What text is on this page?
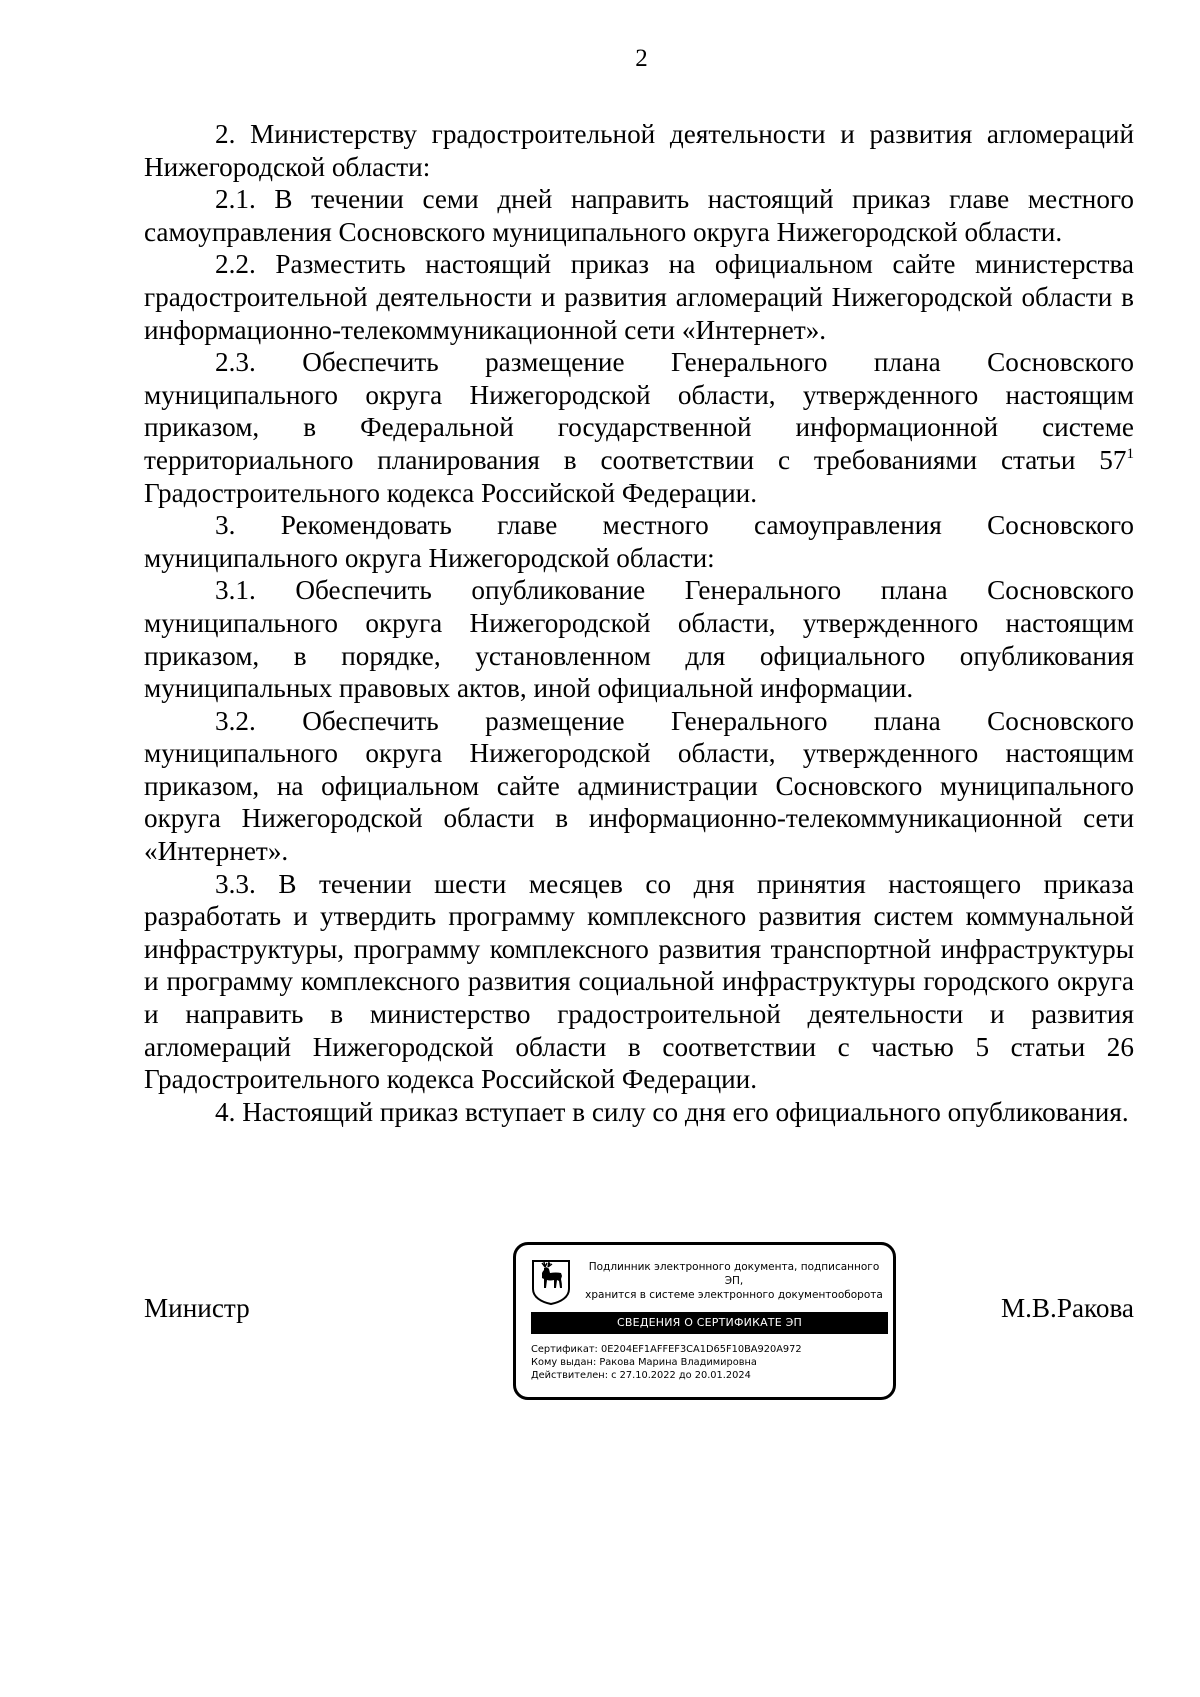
2

2. Министерству градостроительной деятельности и развития агломераций Нижегородской области:

2.1. В течении семи дней направить настоящий приказ главе местного самоуправления Сосновского муниципального округа Нижегородской области.

2.2. Разместить настоящий приказ на официальном сайте министерства градостроительной деятельности и развития агломераций Нижегородской области в информационно-телекоммуникационной сети «Интернет».

2.3. Обеспечить размещение Генерального плана Сосновского муниципального округа Нижегородской области, утвержденного настоящим приказом, в Федеральной государственной информационной системе территориального планирования в соответствии с требованиями статьи $57^1$ Градостроительного кодекса Российской Федерации.

3. Рекомендовать главе местного самоуправления Сосновского муниципального округа Нижегородской области:

3.1. Обеспечить опубликование Генерального плана Сосновского муниципального округа Нижегородской области, утвержденного настоящим приказом, в порядке, установленном для официального опубликования муниципальных правовых актов, иной официальной информации.

3.2. Обеспечить размещение Генерального плана Сосновского муниципального округа Нижегородской области, утвержденного настоящим приказом, на официальном сайте администрации Сосновского муниципального округа Нижегородской области в информационно-телекоммуникационной сети «Интернет».

3.3. В течении шести месяцев со дня принятия настоящего приказа разработать и утвердить программу комплексного развития систем коммунальной инфраструктуры, программу комплексного развития транспортной инфраструктуры и программу комплексного развития социальной инфраструктуры городского округа и направить в министерство градостроительной деятельности и развития агломераций Нижегородской области в соответствии с частью 5 статьи 26 Градостроительного кодекса Российской Федерации.

4. Настоящий приказ вступает в силу со дня его официального опубликования.

Министр	М.В.Ракова
Подлинник электронного документа, подписанного ЭП,
хранится в системе электронного документооборота
СВЕДЕНИЯ О СЕРТИФИКАТЕ ЭП
Сертификат: 0E204EF1AFFEF3CA1D65F10BA920A972
Кому выдан: Ракова Марина Владимировна
Действителен: с 27.10.2022 до 20.01.2024
